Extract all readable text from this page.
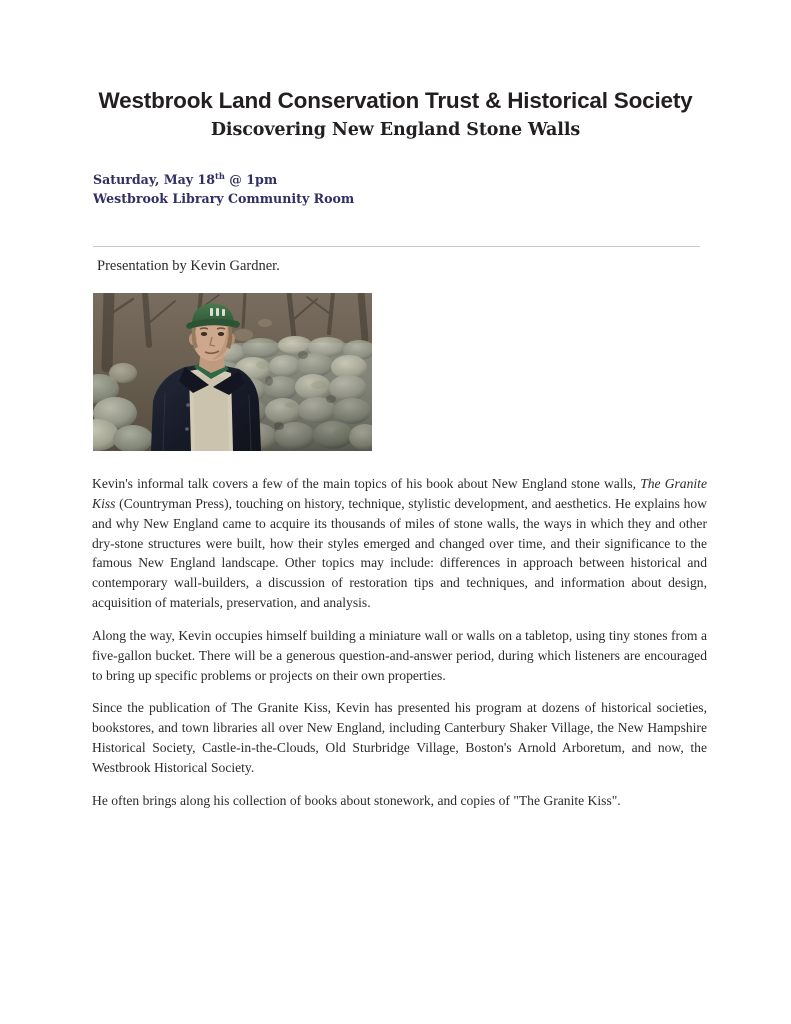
Westbrook Land Conservation Trust & Historical Society
Discovering New England Stone Walls
Saturday, May 18th @ 1pm
Westbrook Library Community Room
Presentation by Kevin Gardner.

Kevin's informal talk covers a few of the main topics of his book about New England stone walls, The Granite Kiss (Countryman Press), touching on history, technique, stylistic development, and aesthetics. He explains how and why New England came to acquire its thousands of miles of stone walls, the ways in which they and other dry-stone structures were built, how their styles emerged and changed over time, and their significance to the famous New England landscape. Other topics may include: differences in approach between historical and contemporary wall-builders, a discussion of restoration tips and techniques, and information about design, acquisition of materials, preservation, and analysis.

Along the way, Kevin occupies himself building a miniature wall or walls on a tabletop, using tiny stones from a five-gallon bucket. There will be a generous question-and-answer period, during which listeners are encouraged to bring up specific problems or projects on their own properties.

Since the publication of The Granite Kiss, Kevin has presented his program at dozens of historical societies, bookstores, and town libraries all over New England, including Canterbury Shaker Village, the New Hampshire Historical Society, Castle-in-the-Clouds, Old Sturbridge Village, Boston's Arnold Arboretum, and now, the Westbrook Historical Society.

He often brings along his collection of books about stonework, and copies of "The Granite Kiss".
